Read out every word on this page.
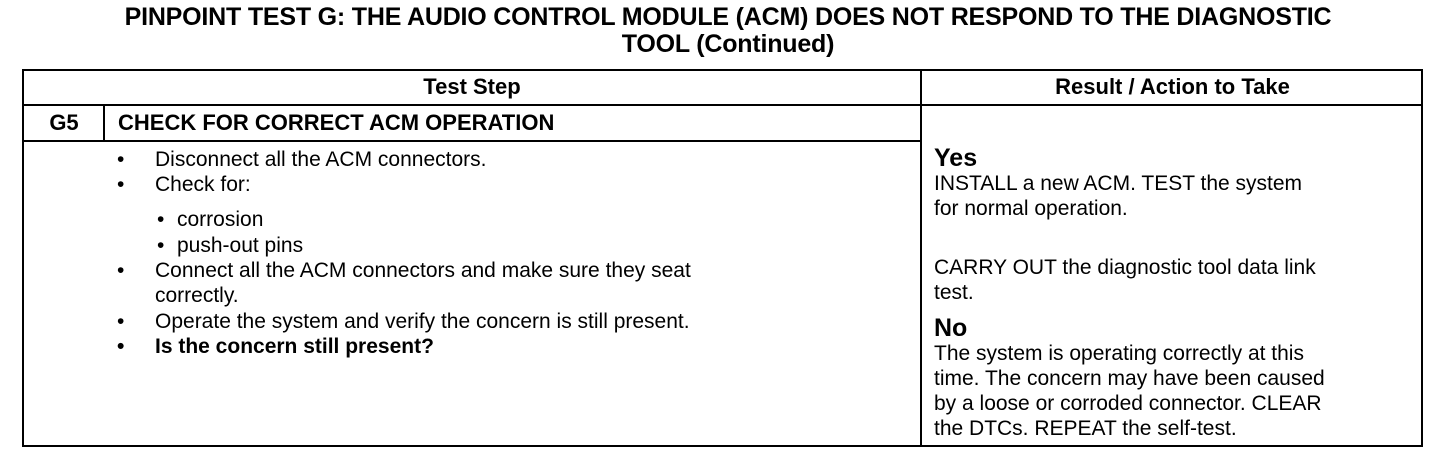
PINPOINT TEST G: THE AUDIO CONTROL MODULE (ACM) DOES NOT RESPOND TO THE DIAGNOSTIC
TOOL (Continued)
Test Step	Result / Action to Take
G5	CHECK FOR CORRECT ACM OPERATION
• Disconnect all the ACM connectors.
• Check for:
• corrosion
• push-out pins
• Connect all the ACM connectors and make sure they seat
correctly.
• Operate the system and verify the concern is still present.
• Is the concern still present?
Yes
INSTALL a new ACM. TEST the system
for normal operation.
CARRY OUT the diagnostic tool data link
test.
No
The system is operating correctly at this
time. The concern may have been caused
by a loose or corroded connector. CLEAR
the DTCs. REPEAT the self-test.
